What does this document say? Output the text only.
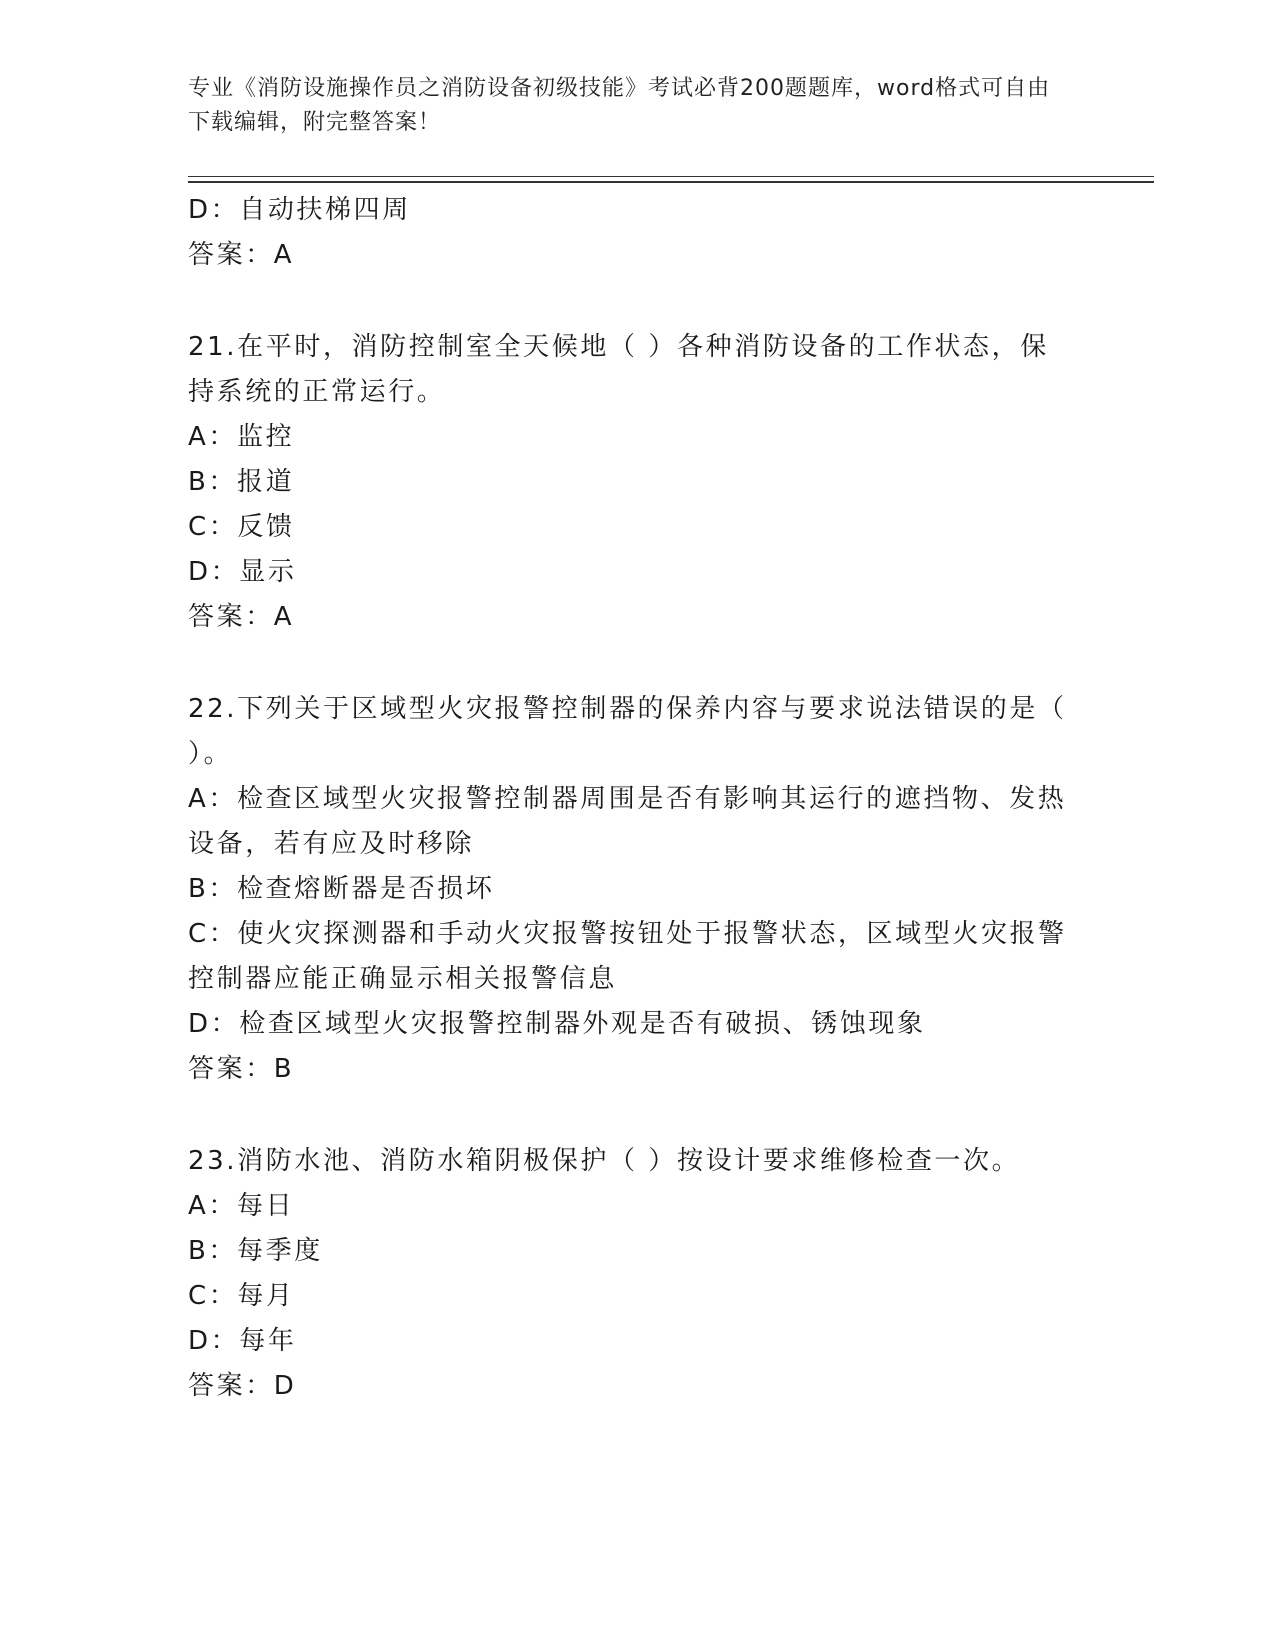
专业《消防设施操作员之消防设备初级技能》考试必背200题题库，word格式可自由下载编辑，附完整答案！

D：自动扶梯四周

答案：A

21.在平时，消防控制室全天候地（ ）各种消防设备的工作状态，保持系统的正常运行。

A：监控

B：报道

C：反馈

D：显示

答案：A

22.下列关于区域型火灾报警控制器的保养内容与要求说法错误的是（ ）。

A：检查区域型火灾报警控制器周围是否有影响其运行的遮挡物、发热设备，若有应及时移除

B：检查熔断器是否损坏

C：使火灾探测器和手动火灾报警按钮处于报警状态，区域型火灾报警控制器应能正确显示相关报警信息

D：检查区域型火灾报警控制器外观是否有破损、锈蚀现象

答案：B

23.消防水池、消防水箱阴极保护（ ）按设计要求维修检查一次。

A：每日

B：每季度

C：每月

D：每年

答案：D
